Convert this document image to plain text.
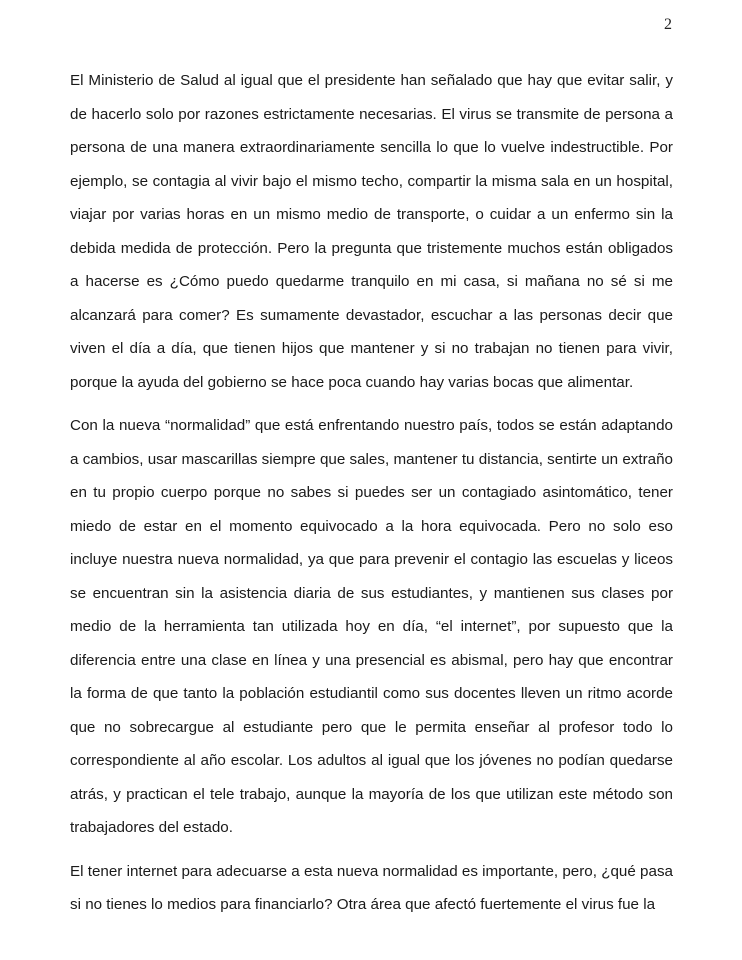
2

El Ministerio de Salud al igual que el presidente han señalado que hay que evitar salir, y de hacerlo solo por razones estrictamente necesarias. El virus se transmite de persona a persona de una manera extraordinariamente sencilla lo que lo vuelve indestructible. Por ejemplo, se contagia al vivir bajo el mismo techo, compartir la misma sala en un hospital, viajar por varias horas en un mismo medio de transporte, o cuidar a un enfermo sin la debida medida de protección. Pero la pregunta que tristemente muchos están obligados a hacerse es ¿Cómo puedo quedarme tranquilo en mi casa, si mañana no sé si me alcanzará para comer? Es sumamente devastador, escuchar a las personas decir que viven el día a día, que tienen hijos que mantener y si no trabajan no tienen para vivir, porque la ayuda del gobierno se hace poca cuando hay varias bocas que alimentar.

Con la nueva “normalidad” que está enfrentando nuestro país, todos se están adaptando a cambios, usar mascarillas siempre que sales, mantener tu distancia, sentirte un extraño en tu propio cuerpo porque no sabes si puedes ser un contagiado asintomático, tener miedo de estar en el momento equivocado a la hora equivocada. Pero no solo eso incluye nuestra nueva normalidad, ya que para prevenir el contagio las escuelas y liceos se encuentran sin la asistencia diaria de sus estudiantes, y mantienen sus clases por medio de la herramienta tan utilizada hoy en día, “el internet”, por supuesto que la diferencia entre una clase en línea y una presencial es abismal, pero hay que encontrar la forma de que tanto la población estudiantil como sus docentes lleven un ritmo acorde que no sobrecargue al estudiante pero que le permita enseñar al profesor todo lo correspondiente al año escolar. Los adultos al igual que los jóvenes no podían quedarse atrás, y practican el tele trabajo, aunque la mayoría de los que utilizan este método son trabajadores del estado.

El tener internet para adecuarse a esta nueva normalidad es importante, pero, ¿qué pasa si no tienes lo medios para financiarlo? Otra área que afectó fuertemente el virus fue la
